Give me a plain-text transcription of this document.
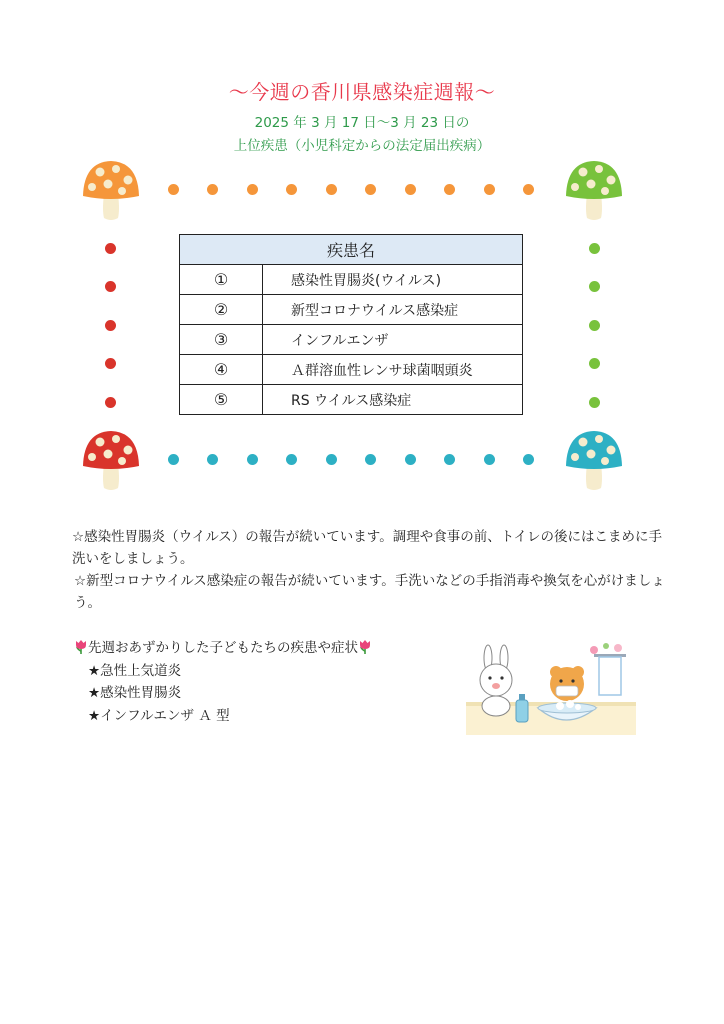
～今週の香川県感染症週報～
2025 年 3 月 17 日～3 月 23 日の
上位疾患（小児科定からの法定届出疾病）
疾患名	
①	感染性胃腸炎(ウイルス)
②	新型コロナウイルス感染症
③	インフルエンザ
④	Ａ群溶血性レンサ球菌咽頭炎
⑤	RS ウイルス感染症

☆感染性胃腸炎（ウイルス）の報告が続いています。調理や食事の前、トイレの後にはこまめに手洗いをしましょう。

☆新型コロナウイルス感染症の報告が続いています。手洗いなどの手指消毒や換気を心がけましょう。

先週おあずかりした子どもたちの疾患や症状
★急性上気道炎
★感染性胃腸炎
★インフルエンザ Ａ 型
